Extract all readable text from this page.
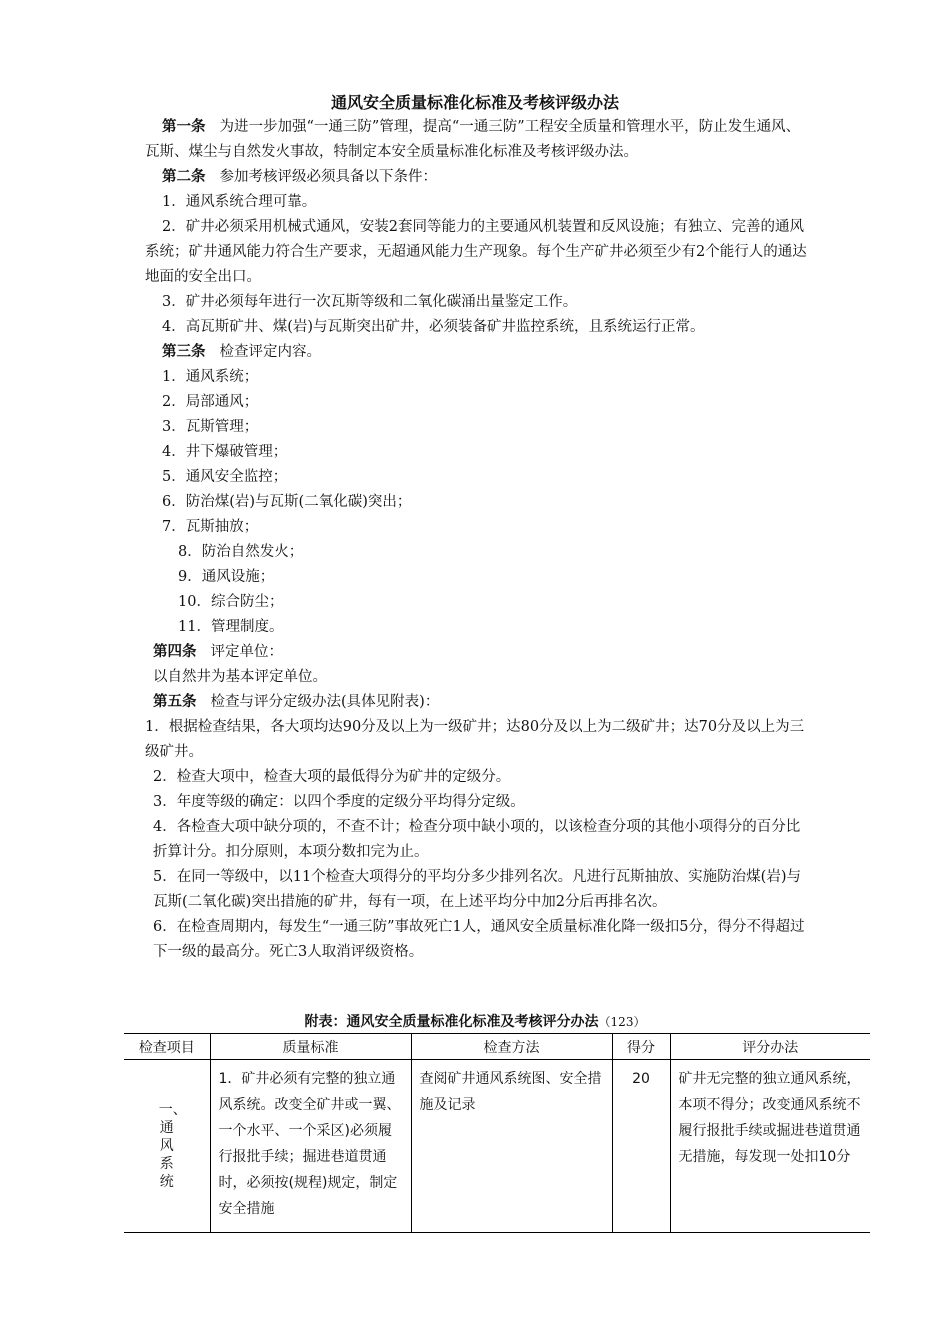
通风安全质量标准化标准及考核评级办法

第一条 为进一步加强“一通三防”管理，提高“一通三防”工程安全质量和管理水平，防止发生通风、瓦斯、煤尘与自然发火事故，特制定本安全质量标准化标准及考核评级办法。

第二条 参加考核评级必须具备以下条件：

1．通风系统合理可靠。

2．矿井必须采用机械式通风，安装2套同等能力的主要通风机装置和反风设施；有独立、完善的通风系统；矿井通风能力符合生产要求，无超通风能力生产现象。每个生产矿井必须至少有2个能行人的通达地面的安全出口。

3．矿井必须每年进行一次瓦斯等级和二氧化碳涌出量鉴定工作。

4．高瓦斯矿井、煤(岩)与瓦斯突出矿井，必须装备矿井监控系统，且系统运行正常。

第三条 检查评定内容。

1．通风系统；

2．局部通风；

3．瓦斯管理；

4．井下爆破管理；

5．通风安全监控；

6．防治煤(岩)与瓦斯(二氧化碳)突出；

7．瓦斯抽放；

8．防治自然发火；

9．通风设施；

10．综合防尘；

11．管理制度。

第四条 评定单位：

以自然井为基本评定单位。

第五条 检查与评分定级办法(具体见附表)：

1．根据检查结果，各大项均达90分及以上为一级矿井；达80分及以上为二级矿井；达70分及以上为三级矿井。

2．检查大项中，检查大项的最低得分为矿井的定级分。

3．年度等级的确定：以四个季度的定级分平均得分定级。

4．各检查大项中缺分项的，不查不计；检查分项中缺小项的，以该检查分项的其他小项得分的百分比折算计分。扣分原则，本项分数扣完为止。

5．在同一等级中，以11个检查大项得分的平均分多少排列名次。凡进行瓦斯抽放、实施防治煤(岩)与瓦斯(二氧化碳)突出措施的矿井，每有一项，在上述平均分中加2分后再排名次。

6．在检查周期内，每发生“一通三防”事故死亡1人，通风安全质量标准化降一级扣5分，得分不得超过下一级的最高分。死亡3人取消评级资格。

附表：通风安全质量标准化标准及考核评分办法（123）
检查项目	质量标准	检查方法	得分	评分办法

一、通风系统	1．矿井必须有完整的独立通风系统。改变全矿井或一翼、一个水平、一个采区)必须履行报批手续；掘进巷道贯通时，必须按(规程)规定，制定安全措施	查阅矿井通风系统图、安全措施及记录	20	矿井无完整的独立通风系统，本项不得分；改变通风系统不履行报批手续或掘进巷道贯通无措施，每发现一处扣10分
